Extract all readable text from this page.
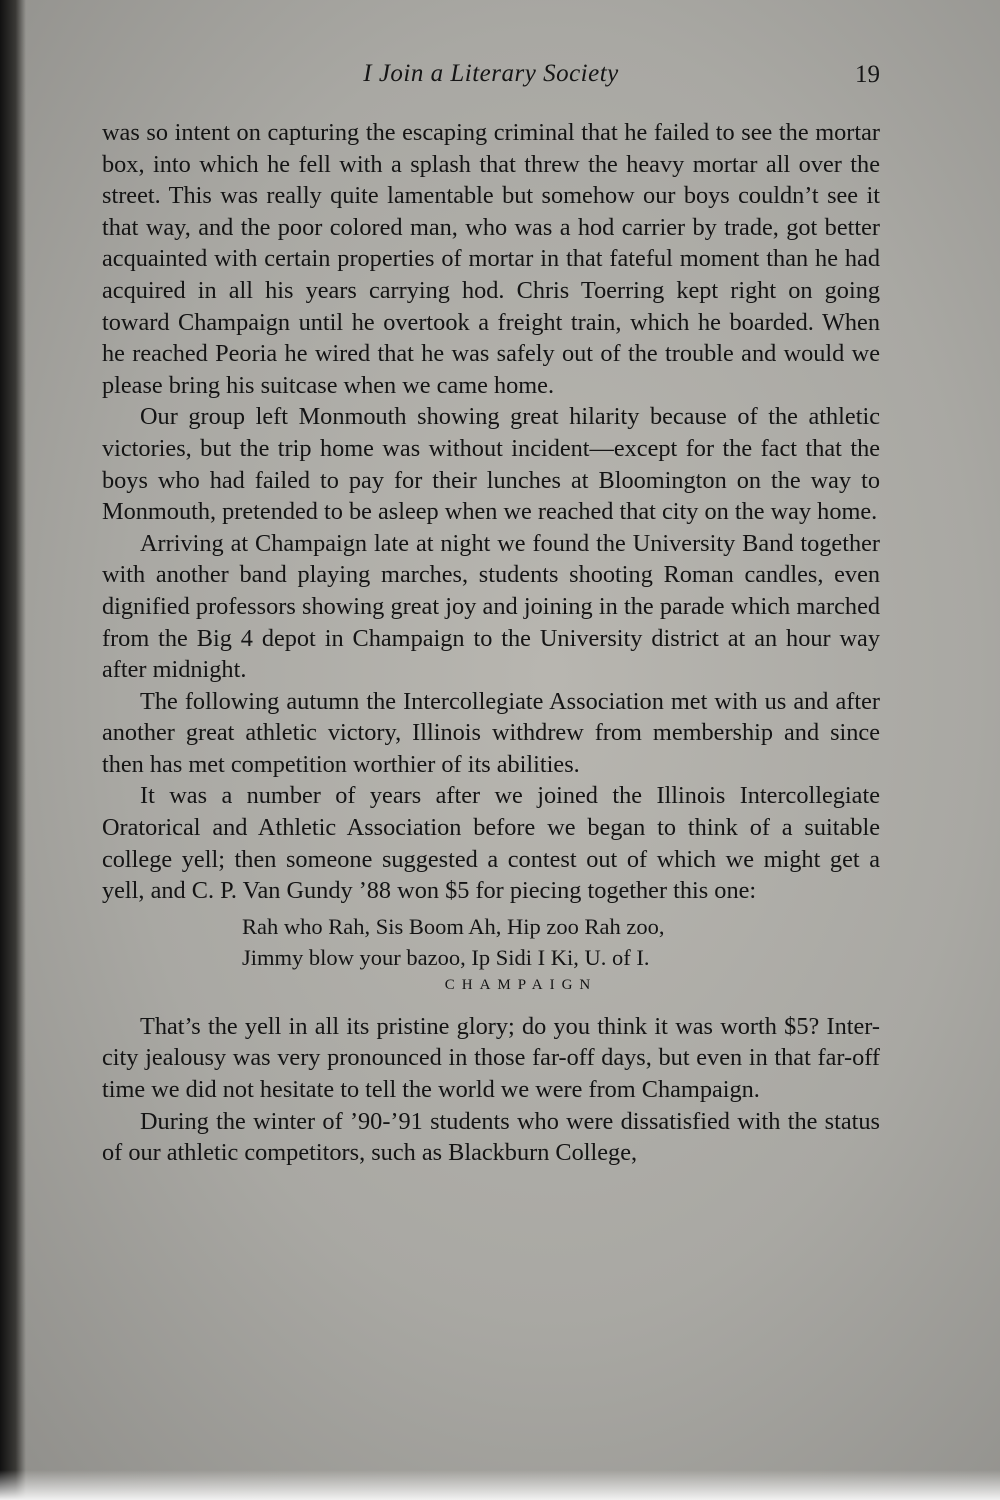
I Join a Literary Society	19

was so intent on capturing the escaping criminal that he failed to see the mortar box, into which he fell with a splash that threw the heavy mortar all over the street. This was really quite lamentable but somehow our boys couldn’t see it that way, and the poor colored man, who was a hod carrier by trade, got better acquainted with certain properties of mortar in that fateful moment than he had acquired in all his years carrying hod. Chris Toerring kept right on going toward Champaign until he overtook a freight train, which he boarded. When he reached Peoria he wired that he was safely out of the trouble and would we please bring his suitcase when we came home.

Our group left Monmouth showing great hilarity because of the athletic victories, but the trip home was without incident—except for the fact that the boys who had failed to pay for their lunches at Bloomington on the way to Monmouth, pretended to be asleep when we reached that city on the way home.

Arriving at Champaign late at night we found the University Band together with another band playing marches, students shooting Roman candles, even dignified professors showing great joy and joining in the parade which marched from the Big 4 depot in Champaign to the University district at an hour way after midnight.

The following autumn the Intercollegiate Association met with us and after another great athletic victory, Illinois withdrew from membership and since then has met competition worthier of its abilities.

It was a number of years after we joined the Illinois Intercollegiate Oratorical and Athletic Association before we began to think of a suitable college yell; then someone suggested a contest out of which we might get a yell, and C. P. Van Gundy ’88 won $5 for piecing together this one:

Rah who Rah, Sis Boom Ah, Hip zoo Rah zoo,
Jimmy blow your bazoo, Ip Sidi I Ki, U. of I.
CHAMPAIGN

That’s the yell in all its pristine glory; do you think it was worth $5? Inter-city jealousy was very pronounced in those far-off days, but even in that far-off time we did not hesitate to tell the world we were from Champaign.

During the winter of ’90-’91 students who were dissatisfied with the status of our athletic competitors, such as Blackburn College,
